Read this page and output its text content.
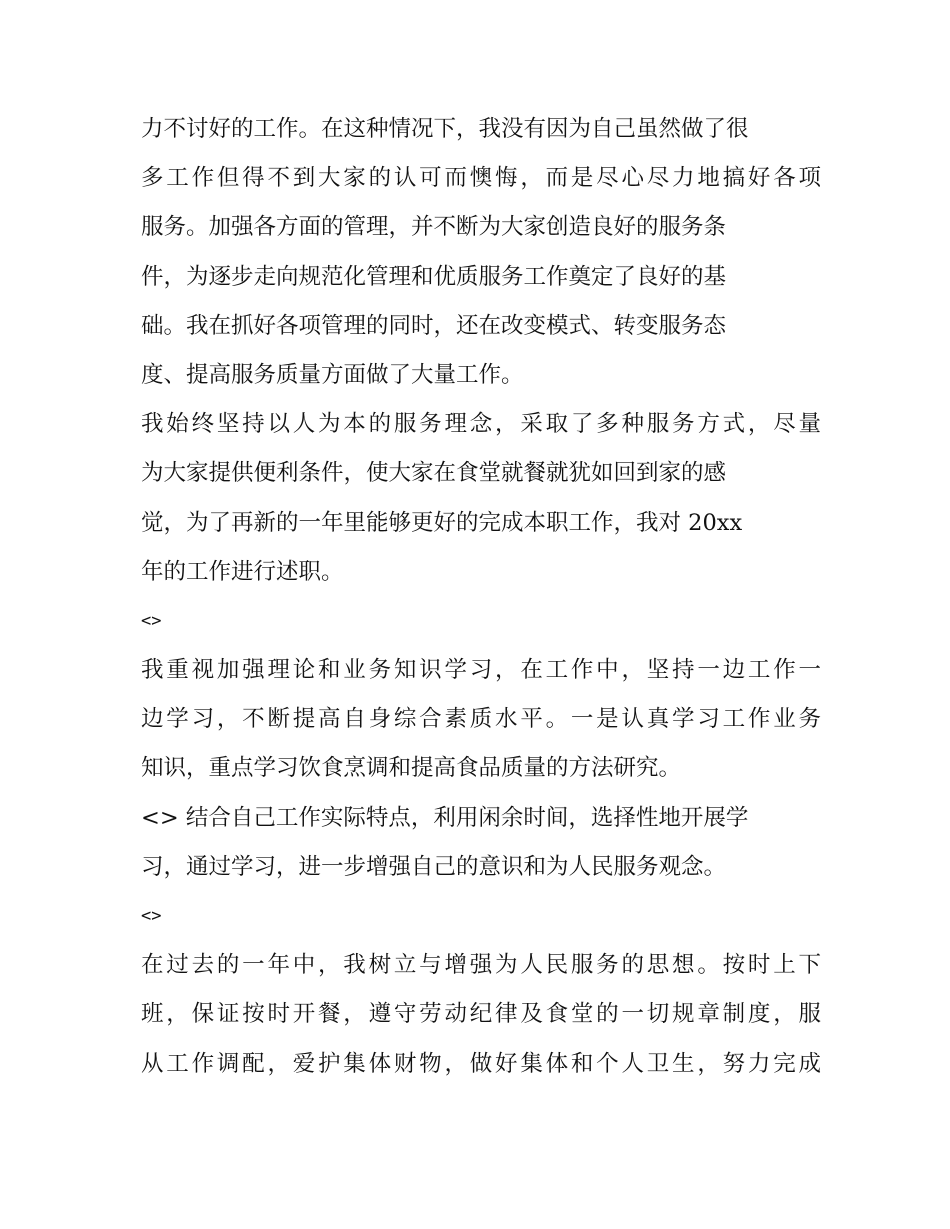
力不讨好的工作。在这种情况下，我没有因为自己虽然做了很
多工作但得不到大家的认可而懊悔，而是尽心尽力地搞好各项
服务。加强各方面的管理，并不断为大家创造良好的服务条
件，为逐步走向规范化管理和优质服务工作奠定了良好的基
础。我在抓好各项管理的同时，还在改变模式、转变服务态
度、提高服务质量方面做了大量工作。
我始终坚持以人为本的服务理念，采取了多种服务方式，尽量
为大家提供便利条件，使大家在食堂就餐就犹如回到家的感
觉，为了再新的一年里能够更好的完成本职工作，我对 20xx
年的工作进行述职。
<>
我重视加强理论和业务知识学习，在工作中，坚持一边工作一
边学习，不断提高自身综合素质水平。一是认真学习工作业务
知识，重点学习饮食烹调和提高食品质量的方法研究。
<> 结合自己工作实际特点，利用闲余时间，选择性地开展学
习，通过学习，进一步增强自己的意识和为人民服务观念。
<>
在过去的一年中，我树立与增强为人民服务的思想。按时上下
班，保证按时开餐，遵守劳动纪律及食堂的一切规章制度，服
从工作调配，爱护集体财物，做好集体和个人卫生，努力完成
